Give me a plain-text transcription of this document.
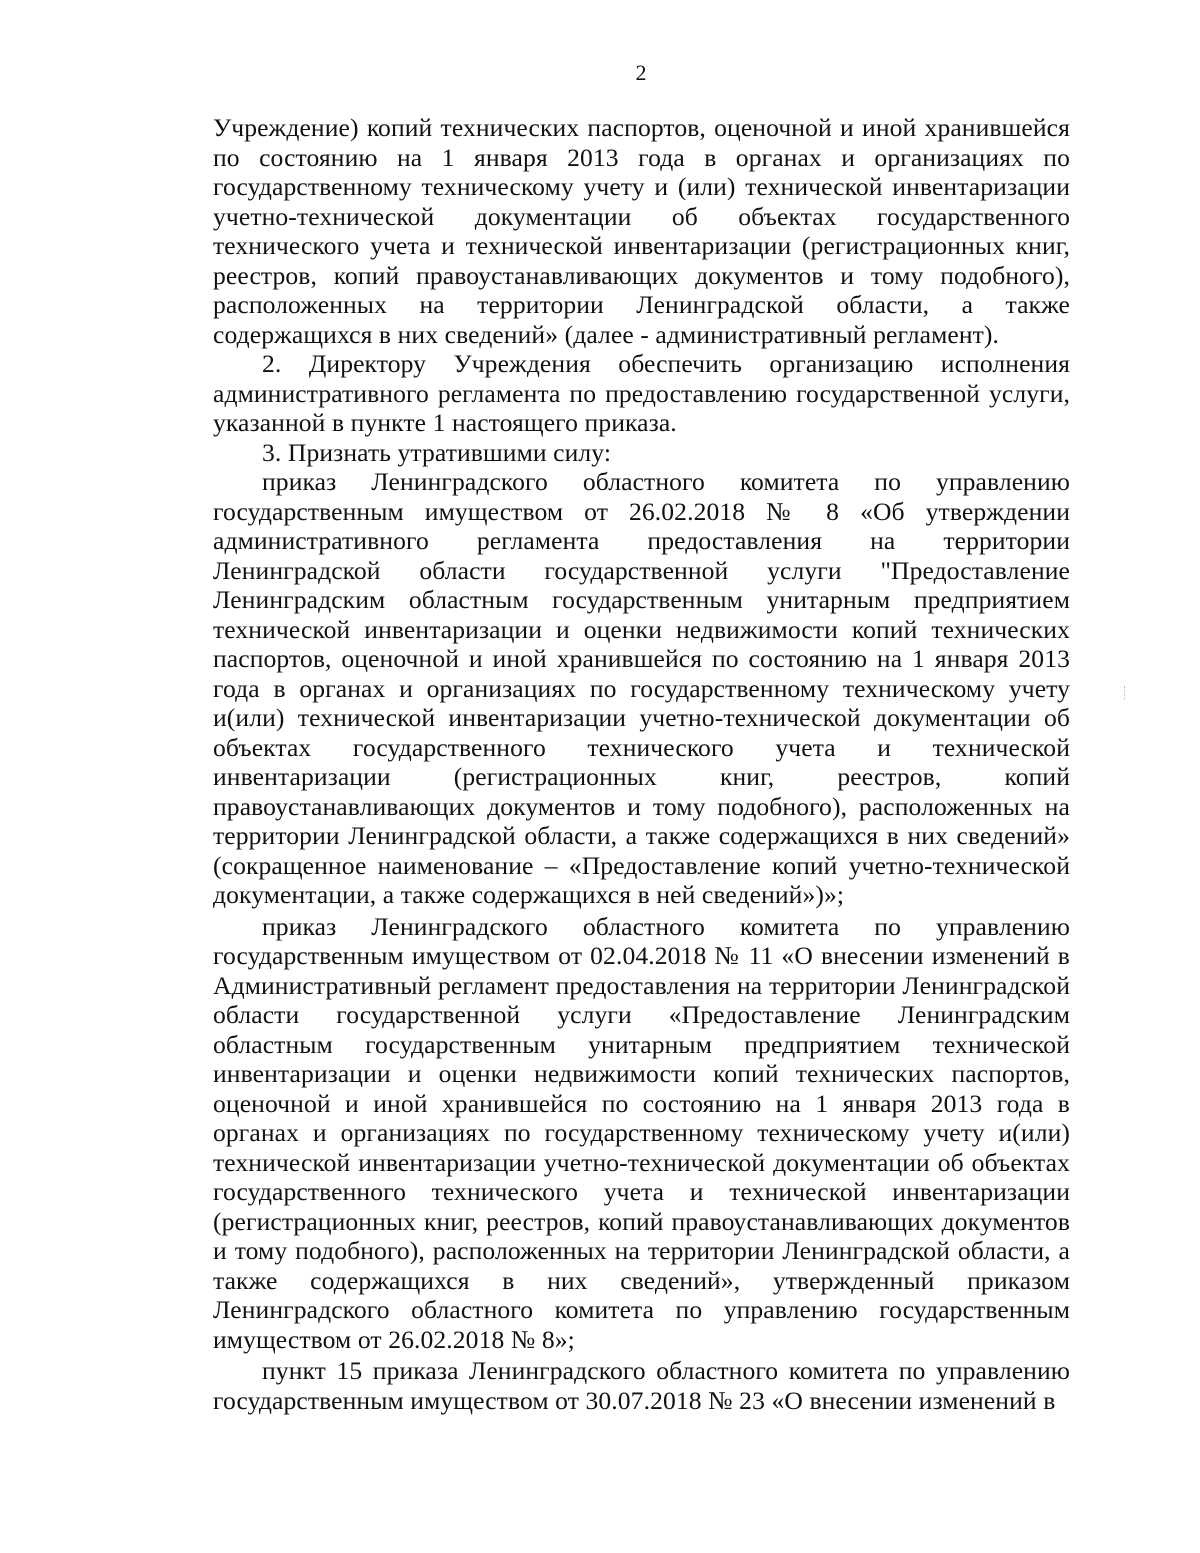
2

Учреждение) копий технических паспортов, оценочной и иной хранившейся по состоянию на 1 января 2013 года в органах и организациях по государственному техническому учету и (или) технической инвентаризации учетно-технической документации об объектах государственного технического учета и технической инвентаризации (регистрационных книг, реестров, копий правоустанавливающих документов и тому подобного), расположенных на территории Ленинградской области, а также содержащихся в них сведений» (далее - административный регламент).

2. Директору Учреждения обеспечить организацию исполнения административного регламента по предоставлению государственной услуги, указанной в пункте 1 настоящего приказа.

3. Признать утратившими силу:

приказ Ленинградского областного комитета по управлению государственным имуществом от 26.02.2018 № 8 «Об утверждении административного регламента предоставления на территории Ленинградской области государственной услуги "Предоставление Ленинградским областным государственным унитарным предприятием технической инвентаризации и оценки недвижимости копий технических паспортов, оценочной и иной хранившейся по состоянию на 1 января 2013 года в органах и организациях по государственному техническому учету и(или) технической инвентаризации учетно-технической документации об объектах государственного технического учета и технической инвентаризации (регистрационных книг, реестров, копий правоустанавливающих документов и тому подобного), расположенных на территории Ленинградской области, а также содержащихся в них сведений» (сокращенное наименование – «Предоставление копий учетно-технической документации, а также содержащихся в ней сведений»)»;

приказ Ленинградского областного комитета по управлению государственным имуществом от 02.04.2018 № 11 «О внесении изменений в Административный регламент предоставления на территории Ленинградской области государственной услуги «Предоставление Ленинградским областным государственным унитарным предприятием технической инвентаризации и оценки недвижимости копий технических паспортов, оценочной и иной хранившейся по состоянию на 1 января 2013 года в органах и организациях по государственному техническому учету и(или) технической инвентаризации учетно-технической документации об объектах государственного технического учета и технической инвентаризации (регистрационных книг, реестров, копий правоустанавливающих документов и тому подобного), расположенных на территории Ленинградской области, а также содержащихся в них сведений», утвержденный приказом Ленинградского областного комитета по управлению государственным имуществом от 26.02.2018 № 8»;

пункт 15 приказа Ленинградского областного комитета по управлению государственным имуществом от 30.07.2018 № 23 «О внесении изменений в
